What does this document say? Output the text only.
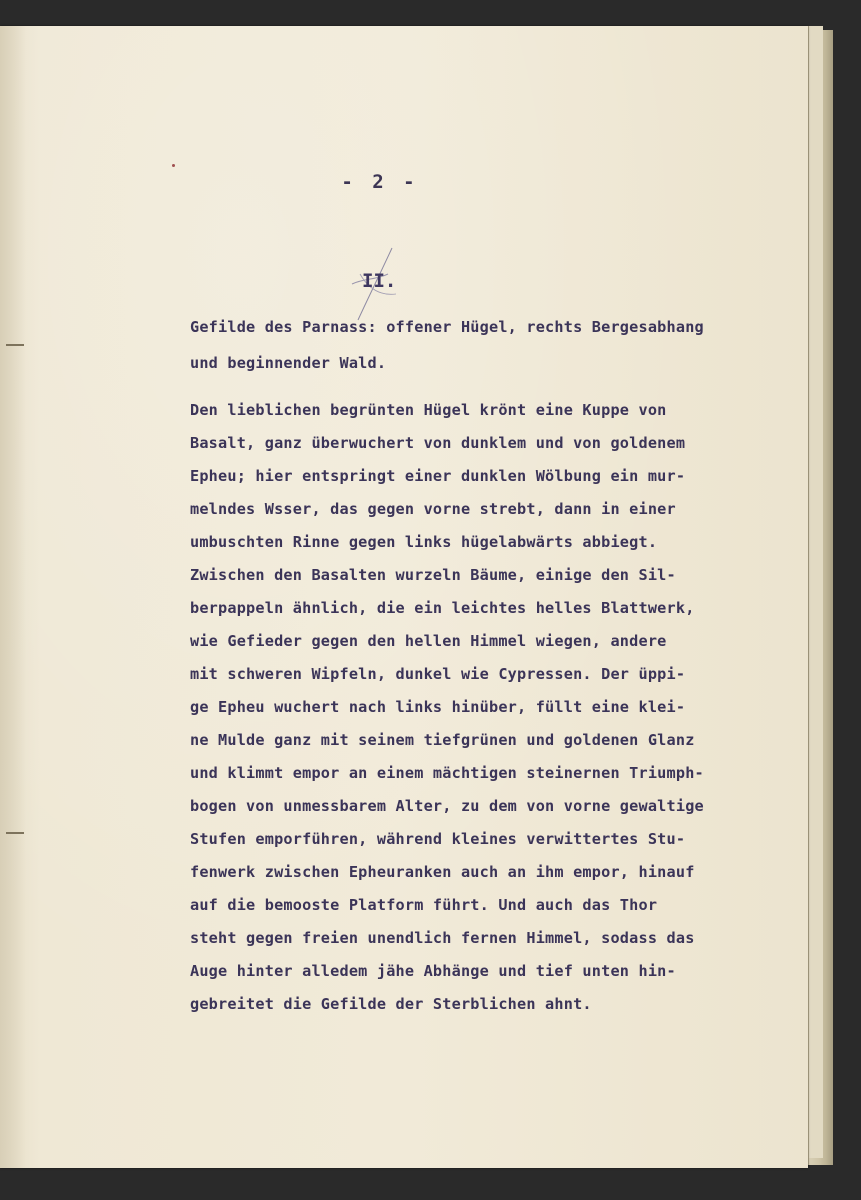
- 2 -
II.
Gefilde des Parnass: offener Hügel, rechts Bergesabhang
und beginnender Wald.
Den lieblichen begrünten Hügel krönt eine Kuppe von
Basalt, ganz überwuchert von dunklem und von goldenem
Epheu; hier entspringt einer dunklen Wölbung ein mur-
melndes Wsser, das gegen vorne strebt, dann in einer
umbuschten Rinne gegen links hügelabwärts abbiegt.
Zwischen den Basalten wurzeln Bäume, einige den Sil-
berpappeln ähnlich, die ein leichtes helles Blattwerk,
wie Gefieder gegen den hellen Himmel wiegen, andere
mit schweren Wipfeln, dunkel wie Cypressen. Der üppi-
ge Epheu wuchert nach links hinüber, füllt eine klei-
ne Mulde ganz mit seinem tiefgrünen und goldenen Glanz
und klimmt empor an einem mächtigen steinernen Triumph-
bogen von unmessbarem Alter, zu dem von vorne gewaltige
Stufen emporführen, während kleines verwittertes Stu-
fenwerk zwischen Epheuranken auch an ihm empor, hinauf
auf die bemooste Platform führt. Und auch das Thor
steht gegen freien unendlich fernen Himmel, sodass das
Auge hinter alledem jähe Abhänge und tief unten hin-
gebreitet die Gefilde der Sterblichen ahnt.
